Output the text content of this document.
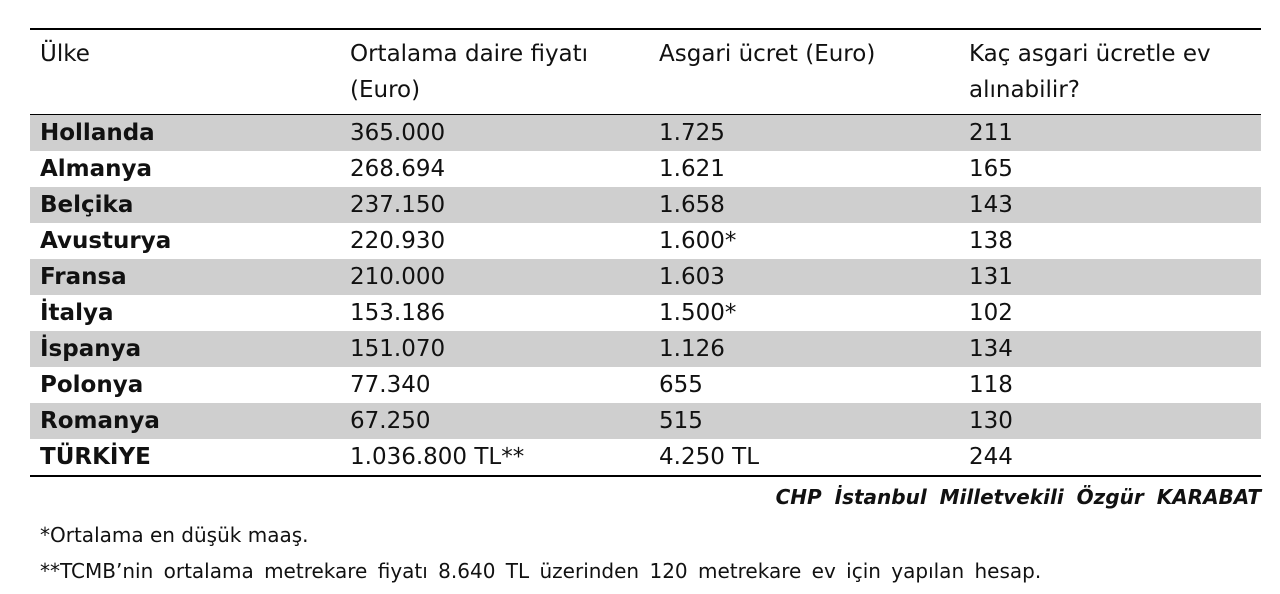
Ülke	Ortalama daire fiyatı (Euro)	Asgari ücret (Euro)	Kaç asgari ücretle ev alınabilir?
Hollanda	365.000	1.725	211
Almanya	268.694	1.621	165
Belçika	237.150	1.658	143
Avusturya	220.930	1.600*	138
Fransa	210.000	1.603	131
İtalya	153.186	1.500*	102
İspanya	151.070	1.126	134
Polonya	77.340	655	118
Romanya	67.250	515	130
TÜRKİYE	1.036.800 TL**	4.250 TL	244
CHP İstanbul Milletvekili Özgür KARABAT
*Ortalama en düşük maaş.
**TCMB’nin ortalama metrekare fiyatı 8.640 TL üzerinden 120 metrekare ev için yapılan hesap.
